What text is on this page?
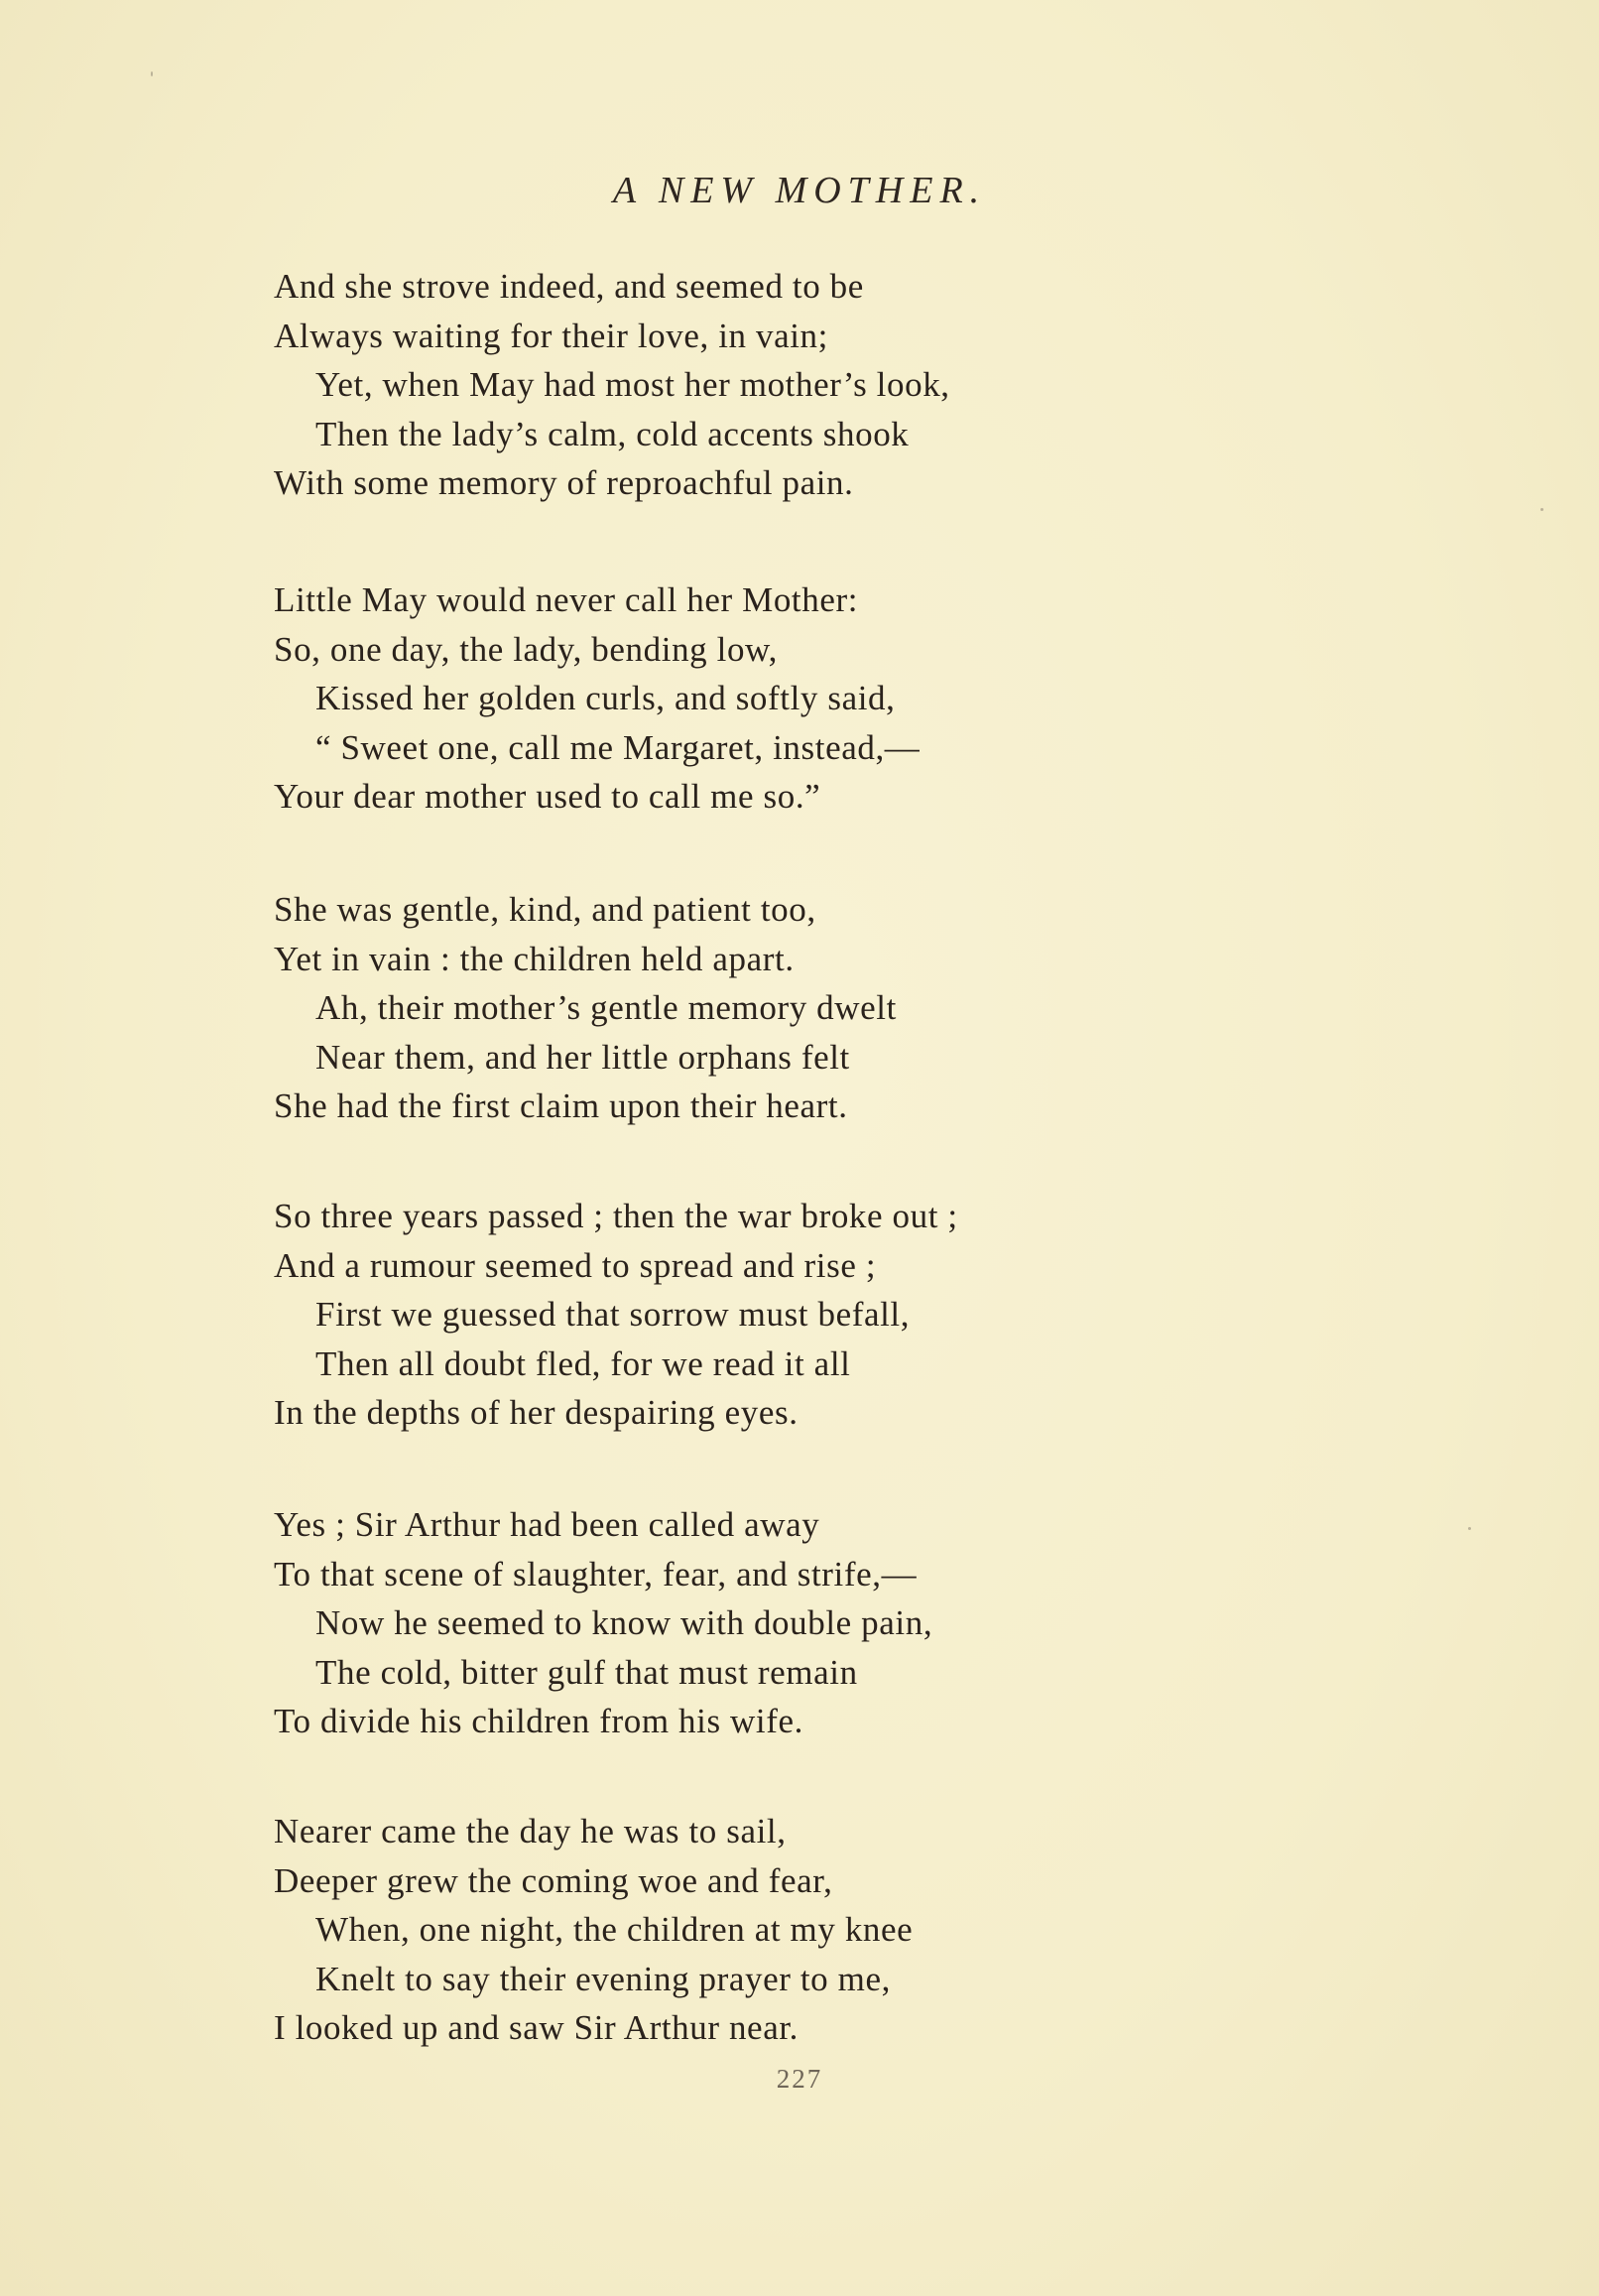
A NEW MOTHER.
And she strove indeed, and seemed to be
Always waiting for their love, in vain;
Yet, when May had most her mother’s look,
Then the lady’s calm, cold accents shook
With some memory of reproachful pain.
Little May would never call her Mother:
So, one day, the lady, bending low,
Kissed her golden curls, and softly said,
“ Sweet one, call me Margaret, instead,—
Your dear mother used to call me so.”
She was gentle, kind, and patient too,
Yet in vain : the children held apart.
Ah, their mother’s gentle memory dwelt
Near them, and her little orphans felt
She had the first claim upon their heart.
So three years passed ; then the war broke out ;
And a rumour seemed to spread and rise ;
First we guessed that sorrow must befall,
Then all doubt fled, for we read it all
In the depths of her despairing eyes.
Yes ; Sir Arthur had been called away
To that scene of slaughter, fear, and strife,—
Now he seemed to know with double pain,
The cold, bitter gulf that must remain
To divide his children from his wife.
Nearer came the day he was to sail,
Deeper grew the coming woe and fear,
When, one night, the children at my knee
Knelt to say their evening prayer to me,
I looked up and saw Sir Arthur near.
227
